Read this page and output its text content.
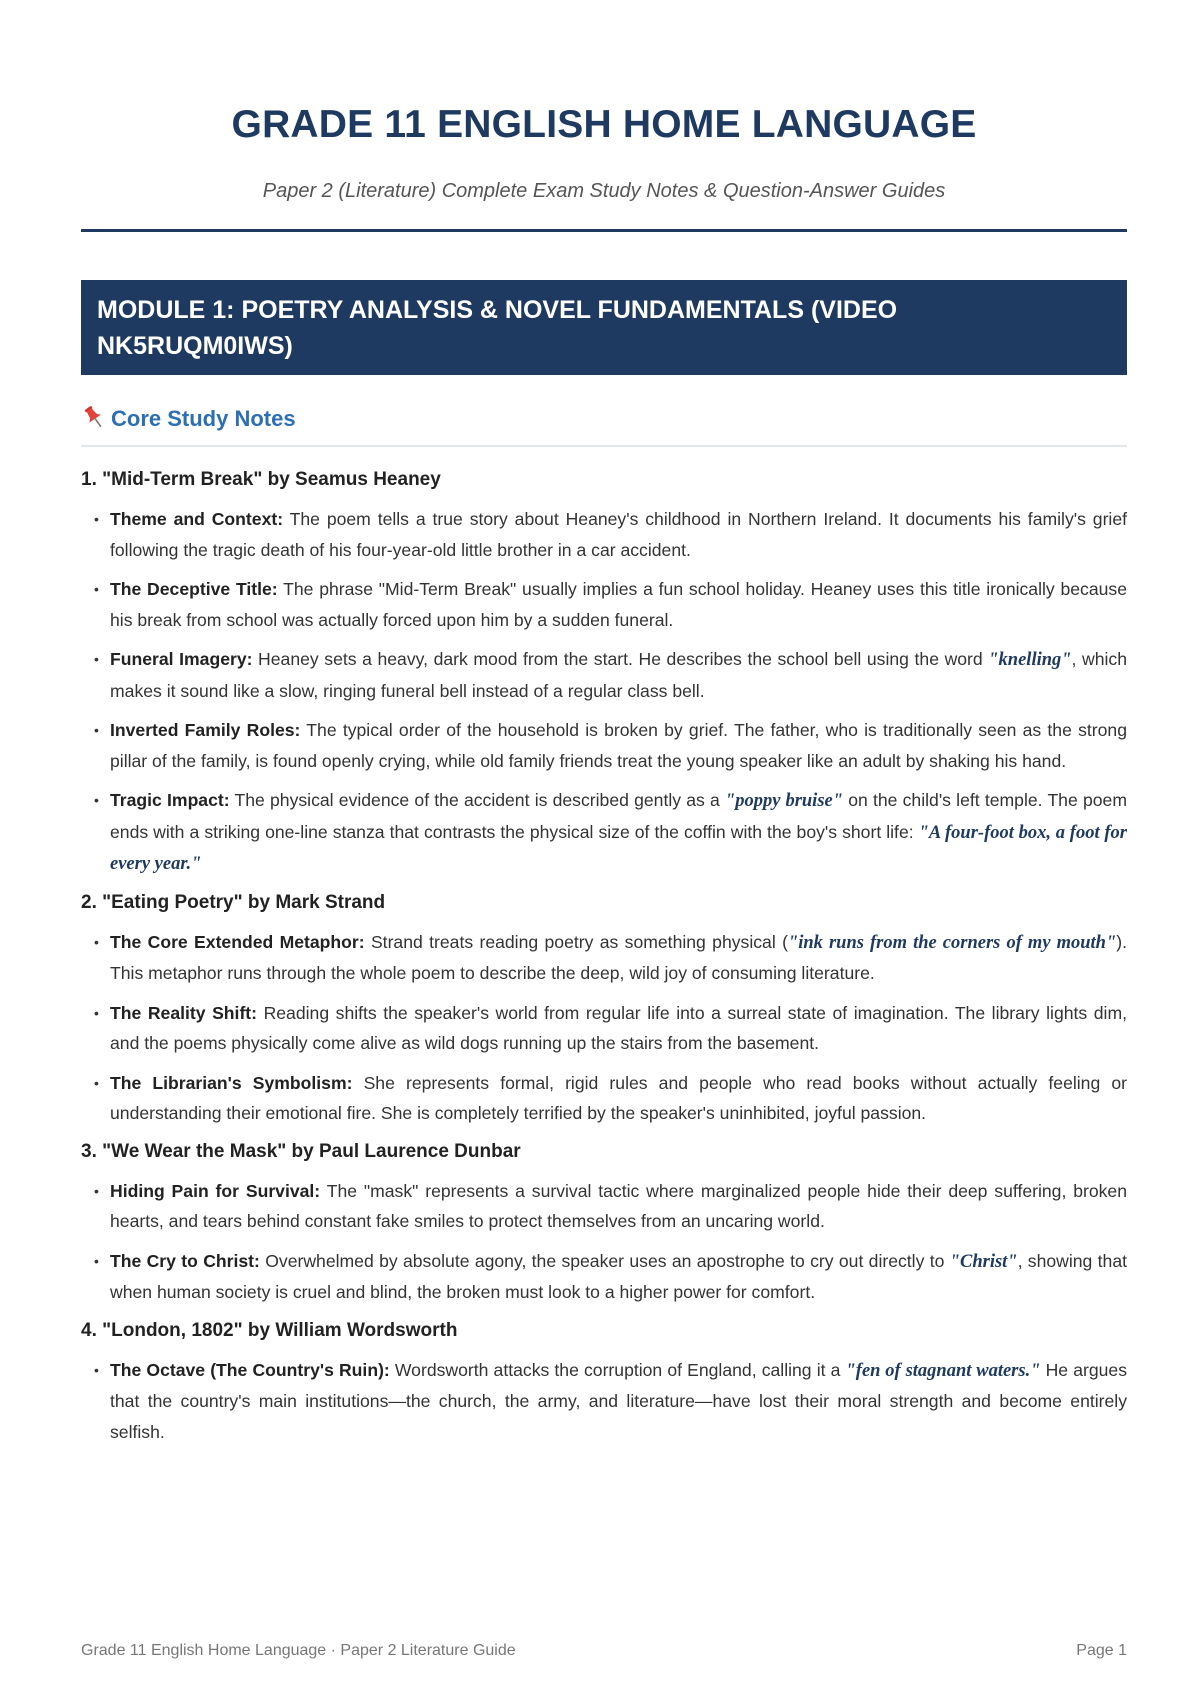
GRADE 11 ENGLISH HOME LANGUAGE
Paper 2 (Literature) Complete Exam Study Notes & Question-Answer Guides
MODULE 1: POETRY ANALYSIS & NOVEL FUNDAMENTALS (VIDEO
NK5RUQM0IWS)
Core Study Notes
1. "Mid-Term Break" by Seamus Heaney
• Theme and Context: The poem tells a true story about Heaney's childhood in Northern Ireland. It documents his family's grief following the tragic death of his four-year-old little brother in a car accident.
• The Deceptive Title: The phrase "Mid-Term Break" usually implies a fun school holiday. Heaney uses this title ironically because his break from school was actually forced upon him by a sudden funeral.
• Funeral Imagery: Heaney sets a heavy, dark mood from the start. He describes the school bell using the word "knelling", which makes it sound like a slow, ringing funeral bell instead of a regular class bell.
• Inverted Family Roles: The typical order of the household is broken by grief. The father, who is traditionally seen as the strong pillar of the family, is found openly crying, while old family friends treat the young speaker like an adult by shaking his hand.
• Tragic Impact: The physical evidence of the accident is described gently as a "poppy bruise" on the child's left temple. The poem ends with a striking one-line stanza that contrasts the physical size of the coffin with the boy's short life: "A four-foot box, a foot for every year."
2. "Eating Poetry" by Mark Strand
• The Core Extended Metaphor: Strand treats reading poetry as something physical ("ink runs from the corners of my mouth"). This metaphor runs through the whole poem to describe the deep, wild joy of consuming literature.
• The Reality Shift: Reading shifts the speaker's world from regular life into a surreal state of imagination. The library lights dim, and the poems physically come alive as wild dogs running up the stairs from the basement.
• The Librarian's Symbolism: She represents formal, rigid rules and people who read books without actually feeling or understanding their emotional fire. She is completely terrified by the speaker's uninhibited, joyful passion.
3. "We Wear the Mask" by Paul Laurence Dunbar
• Hiding Pain for Survival: The "mask" represents a survival tactic where marginalized people hide their deep suffering, broken hearts, and tears behind constant fake smiles to protect themselves from an uncaring world.
• The Cry to Christ: Overwhelmed by absolute agony, the speaker uses an apostrophe to cry out directly to "Christ", showing that when human society is cruel and blind, the broken must look to a higher power for comfort.
4. "London, 1802" by William Wordsworth
• The Octave (The Country's Ruin): Wordsworth attacks the corruption of England, calling it a "fen of stagnant waters." He argues that the country's main institutions—the church, the army, and literature—have lost their moral strength and become entirely selfish.
Grade 11 English Home Language · Paper 2 Literature Guide	Page 1
